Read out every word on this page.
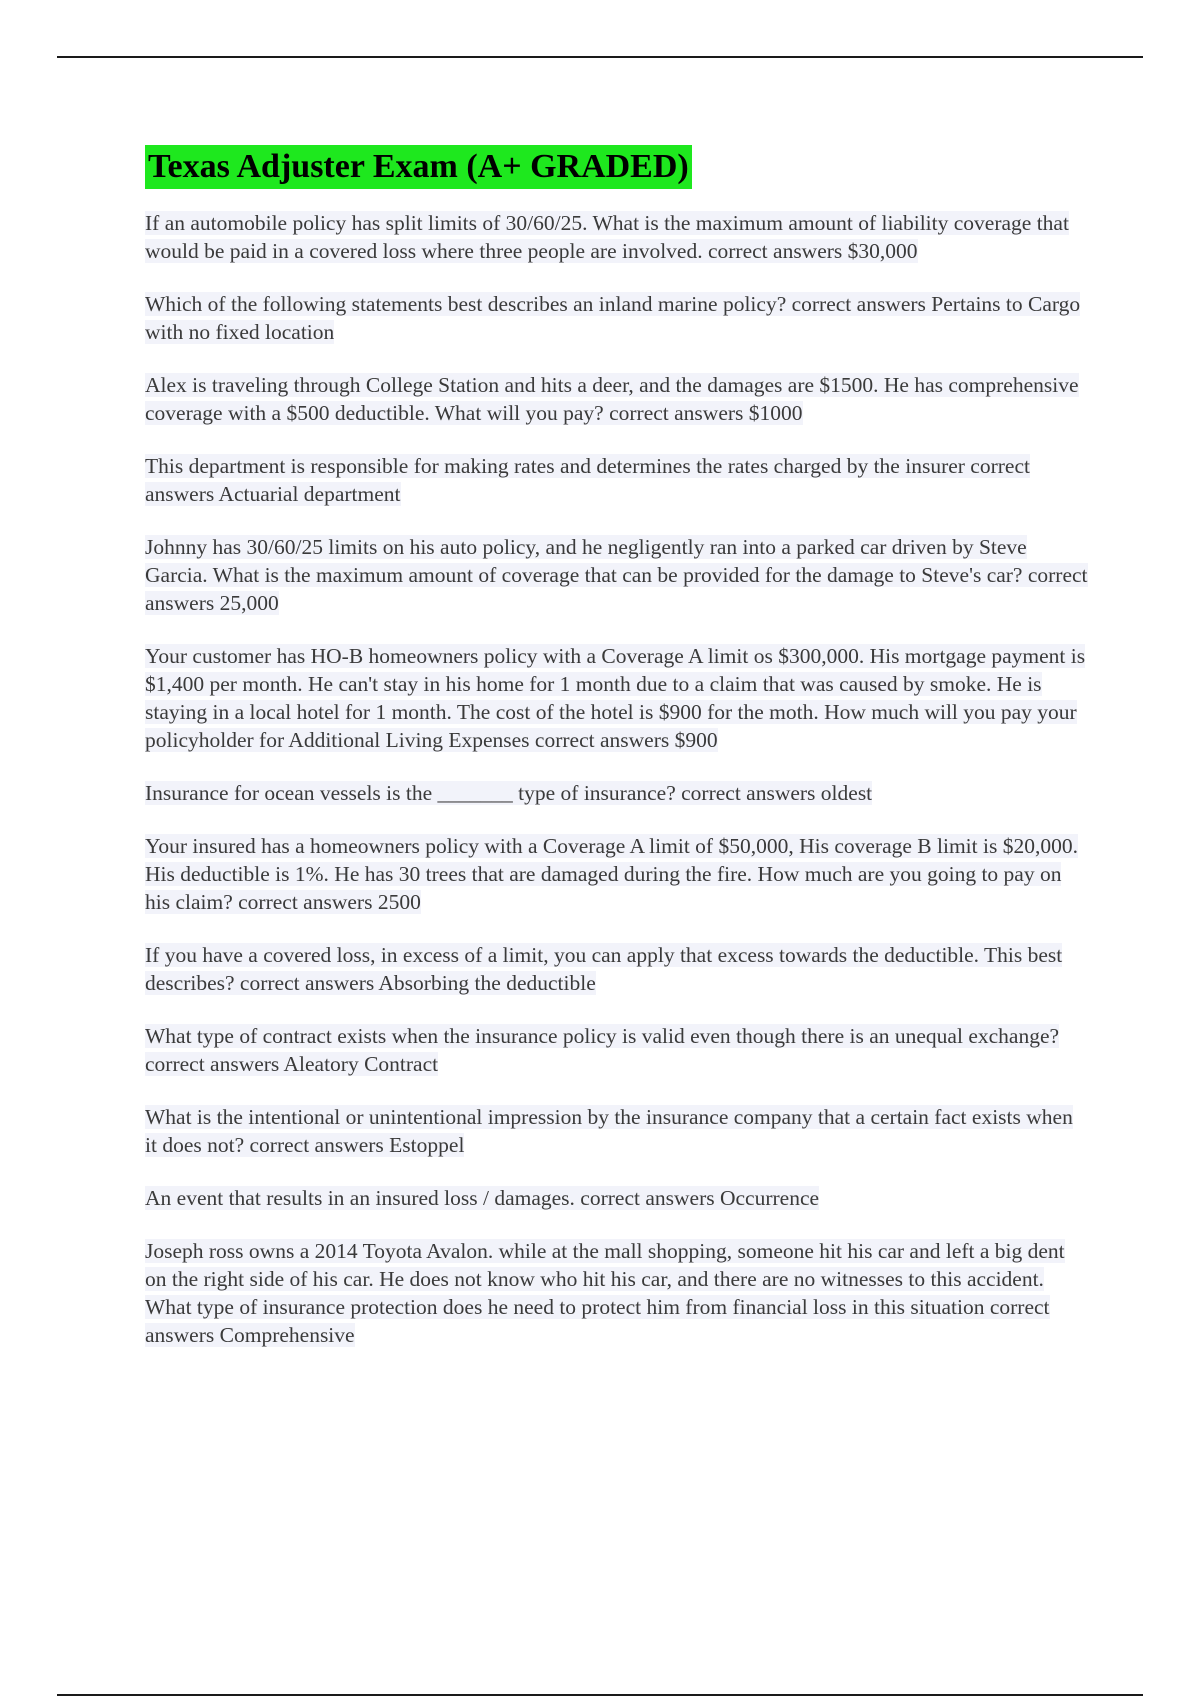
Texas Adjuster Exam (A+ GRADED)

If an automobile policy has split limits of 30/60/25. What is the maximum amount of liability coverage that would be paid in a covered loss where three people are involved. correct answers $30,000

Which of the following statements best describes an inland marine policy? correct answers Pertains to Cargo with no fixed location

Alex is traveling through College Station and hits a deer, and the damages are $1500. He has comprehensive coverage with a $500 deductible. What will you pay? correct answers $1000

This department is responsible for making rates and determines the rates charged by the insurer correct answers Actuarial department

Johnny has 30/60/25 limits on his auto policy, and he negligently ran into a parked car driven by Steve Garcia. What is the maximum amount of coverage that can be provided for the damage to Steve's car? correct answers 25,000

Your customer has HO-B homeowners policy with a Coverage A limit os $300,000. His mortgage payment is $1,400 per month. He can't stay in his home for 1 month due to a claim that was caused by smoke. He is staying in a local hotel for 1 month. The cost of the hotel is $900 for the moth. How much will you pay your policyholder for Additional Living Expenses correct answers $900

Insurance for ocean vessels is the _______ type of insurance? correct answers oldest

Your insured has a homeowners policy with a Coverage A limit of $50,000, His coverage B limit is $20,000. His deductible is 1%. He has 30 trees that are damaged during the fire. How much are you going to pay on his claim? correct answers 2500

If you have a covered loss, in excess of a limit, you can apply that excess towards the deductible. This best describes? correct answers Absorbing the deductible

What type of contract exists when the insurance policy is valid even though there is an unequal exchange? correct answers Aleatory Contract

What is the intentional or unintentional impression by the insurance company that a certain fact exists when it does not? correct answers Estoppel

An event that results in an insured loss / damages. correct answers Occurrence

Joseph ross owns a 2014 Toyota Avalon. while at the mall shopping, someone hit his car and left a big dent on the right side of his car. He does not know who hit his car, and there are no witnesses to this accident. What type of insurance protection does he need to protect him from financial loss in this situation correct answers Comprehensive
